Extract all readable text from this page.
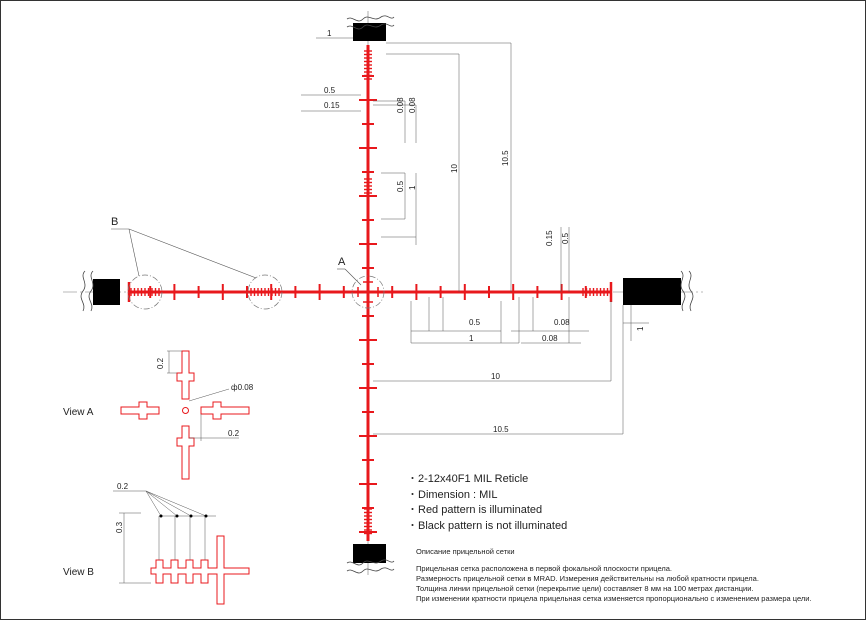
B
A
1
0.5
0.15	0.08 0.08
0.5 1
10
10.5
0.15 0.5
0.5
1
0.08
0.08
10
10.5
1
View A
0.2
0.2
ф0.08
View B
0.2
0.3
・2-12x40F1 MIL Reticle
・Dimension : MIL
・Red pattern is illuminated
・Black pattern is not illuminated
Описание прицельной сетки
Прицельная сетка расположена в первой фокальной плоскости прицела.
Размерность прицельной сетки в MRAD. Измерения действительны на любой кратности прицела.
Толщина линии прицельной сетки (перекрытие цели) составляет 8 мм на 100 метрах дистанции.
При изменении кратности прицела прицельная сетка изменяется пропорционально с изменением размера цели.
